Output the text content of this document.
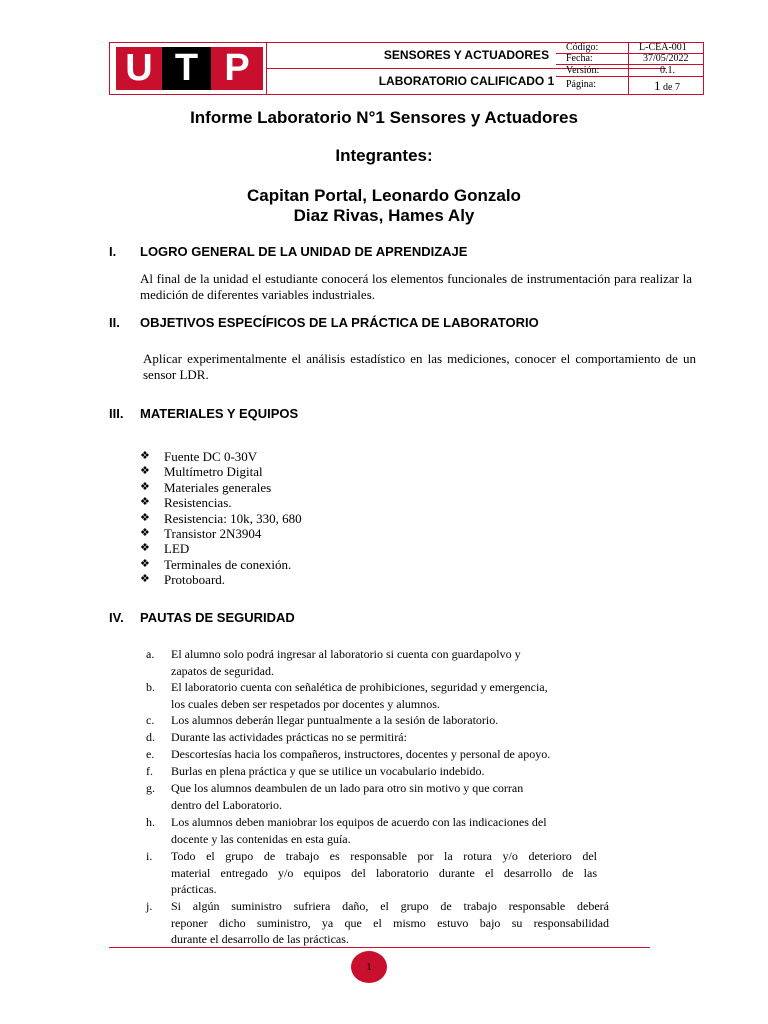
U T P	SENSORES Y ACTUADORES
LABORATORIO CALIFICADO 1
Código:	L-CEA-001
Fecha:	37/05/2022
Versión:	0.1.
Página:	1 de 7
Informe Laboratorio N°1 Sensores y Actuadores
Integrantes:
Capitan Portal, Leonardo Gonzalo
Diaz Rivas, Hames Aly
I. LOGRO GENERAL DE LA UNIDAD DE APRENDIZAJE
Al final de la unidad el estudiante conocerá los elementos funcionales de instrumentación para realizar la medición de diferentes variables industriales.
II. OBJETIVOS ESPECÍFICOS DE LA PRÁCTICA DE LABORATORIO
Aplicar experimentalmente el análisis estadístico en las mediciones, conocer el comportamiento de un sensor LDR.
III. MATERIALES Y EQUIPOS
❖ Fuente DC 0-30V
❖ Multímetro Digital
❖ Materiales generales
❖ Resistencias.
❖ Resistencia: 10k, 330, 680
❖ Transistor 2N3904
❖ LED
❖ Terminales de conexión.
❖ Protoboard.
IV. PAUTAS DE SEGURIDAD
a.	El alumno solo podrá ingresar al laboratorio si cuenta con guardapolvo y
zapatos de seguridad.
b.	El laboratorio cuenta con señalética de prohibiciones, seguridad y emergencia,
los cuales deben ser respetados por docentes y alumnos.
c.	Los alumnos deberán llegar puntualmente a la sesión de laboratorio.
d.	Durante las actividades prácticas no se permitirá:
e.	Descortesías hacia los compañeros, instructores, docentes y personal de apoyo.
f.	Burlas en plena práctica y que se utilice un vocabulario indebido.
g.	Que los alumnos deambulen de un lado para otro sin motivo y que corran
dentro del Laboratorio.
h.	Los alumnos deben maniobrar los equipos de acuerdo con las indicaciones del
docente y las contenidas en esta guía.
i.	Todo el grupo de trabajo es responsable por la rotura y/o deterioro del
material entregado y/o equipos del laboratorio durante el desarrollo de las
prácticas.
j.	Si algún suministro sufriera daño, el grupo de trabajo responsable deberá
reponer dicho suministro, ya que el mismo estuvo bajo su responsabilidad
durante el desarrollo de las prácticas.
1
